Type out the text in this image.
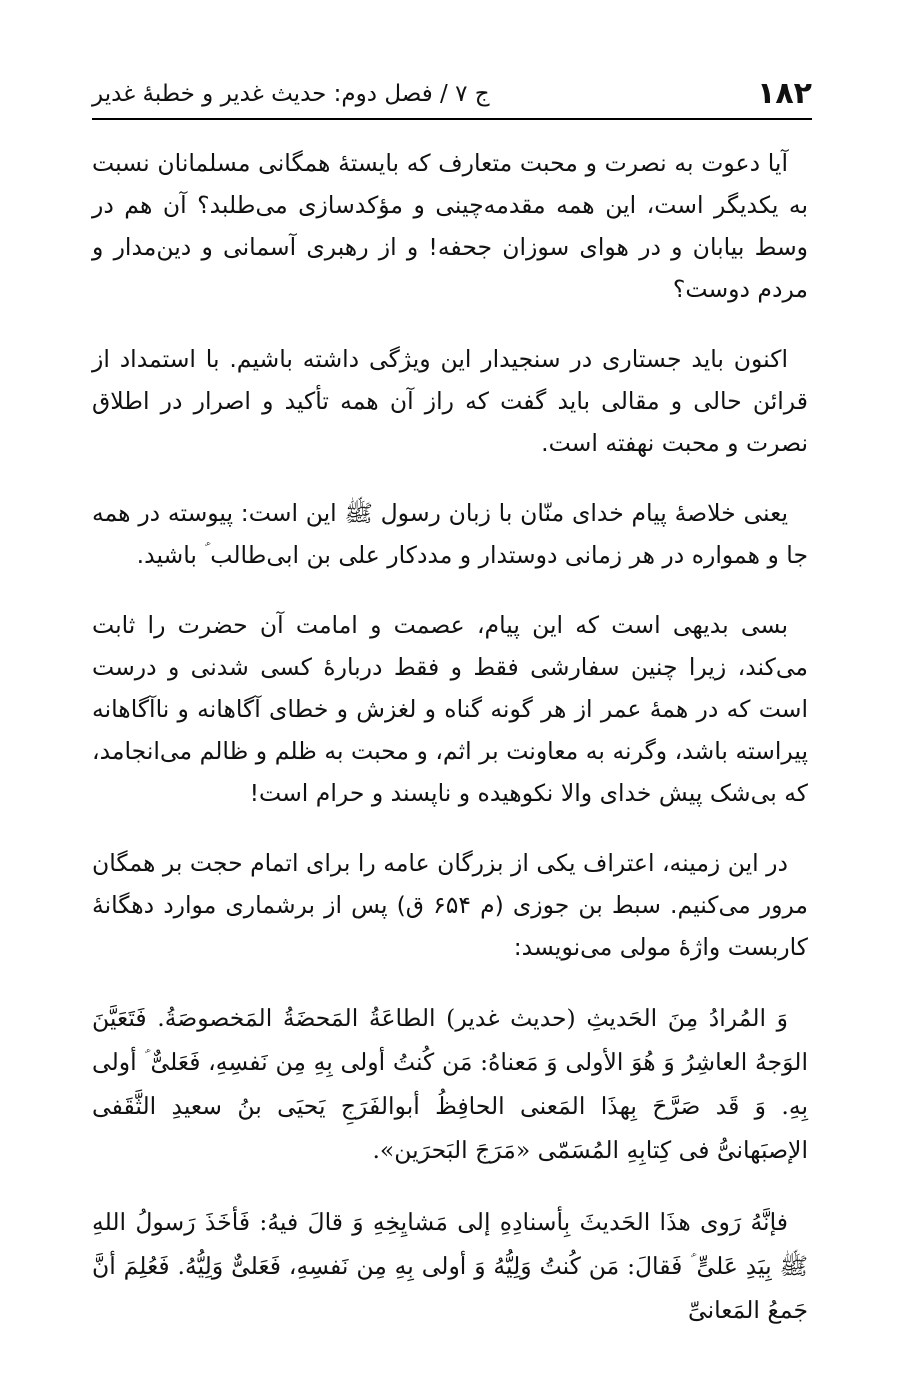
۱۸۲
ج ۷ / فصل دوم: حدیث غدیر و خطبهٔ غدیر

آیا دعوت به نصرت و محبت متعارف که بایستهٔ همگانی مسلمانان نسبت به یکدیگر است، این همه مقدمه‌چینی و مؤکدسازی می‌طلبد؟ آن هم در وسط بیابان و در هوای سوزان جحفه! و از رهبری آسمانی و دین‌مدار و مردم دوست؟

اکنون باید جستاری در سنجیدار این ویژگی داشته باشیم. با استمداد از قرائن حالی و مقالی باید گفت که راز آن همه تأکید و اصرار در اطلاق نصرت و محبت نهفته است.

یعنی خلاصهٔ پیام خدای منّان با زبان رسول ﷺ این است: پیوسته در همه جا و همواره در هر زمانی دوستدار و مددکار علی بن ابی‌طالب ؑ باشید.

بسی بدیهی است که این پیام، عصمت و امامت آن حضرت را ثابت می‌کند، زیرا چنین سفارشی فقط و فقط دربارهٔ کسی شدنی و درست است که در همهٔ عمر از هر گونه گناه و لغزش و خطای آگاهانه و ناآگاهانه پیراسته باشد، وگرنه به معاونت بر اثم، و محبت به ظلم و ظالم می‌انجامد، که بی‌شک پیش خدای والا نکوهیده و ناپسند و حرام است!

در این زمینه، اعتراف یکی از بزرگان عامه را برای اتمام حجت بر همگان مرور می‌کنیم. سبط بن جوزی (م ۶۵۴ ق) پس از برشماری موارد دهگانهٔ کاربست واژهٔ مولی می‌نویسد:

وَ المُرادُ مِنَ الحَدیثِ (حدیث غدیر) الطاعَةُ المَحضَةُ المَخصوصَةُ. فَتَعَیَّنَ الوَجهُ العاشِرُ وَ هُوَ الأولی وَ مَعناهُ: مَن کُنتُ أولی بِهِ مِن نَفسِهِ، فَعَلیٌّ ؑ أولی بِهِ. وَ قَد صَرَّحَ بِهذَا المَعنی الحافِظُ أبوالفَرَجِ یَحیَی بنُ سعیدِ الثَّقَفی الإصبَهانیُّ فی کِتابِهِ المُسَمّی «مَرَجَ البَحرَین».

فإنَّهُ رَوی هذَا الحَدیثَ بِأسنادِهِ إلی مَشایِخِهِ وَ قالَ فیهُ: فَأخَذَ رَسولُ اللهِ ﷺ بِیَدِ عَلیٍّ ؑ فَقالَ: مَن کُنتُ وَلِیُّهُ وَ أولی بِهِ مِن نَفسِهِ، فَعَلیٌّ وَلِیُّهُ. فَعُلِمَ أنَّ جَمعُ المَعانیِّ
